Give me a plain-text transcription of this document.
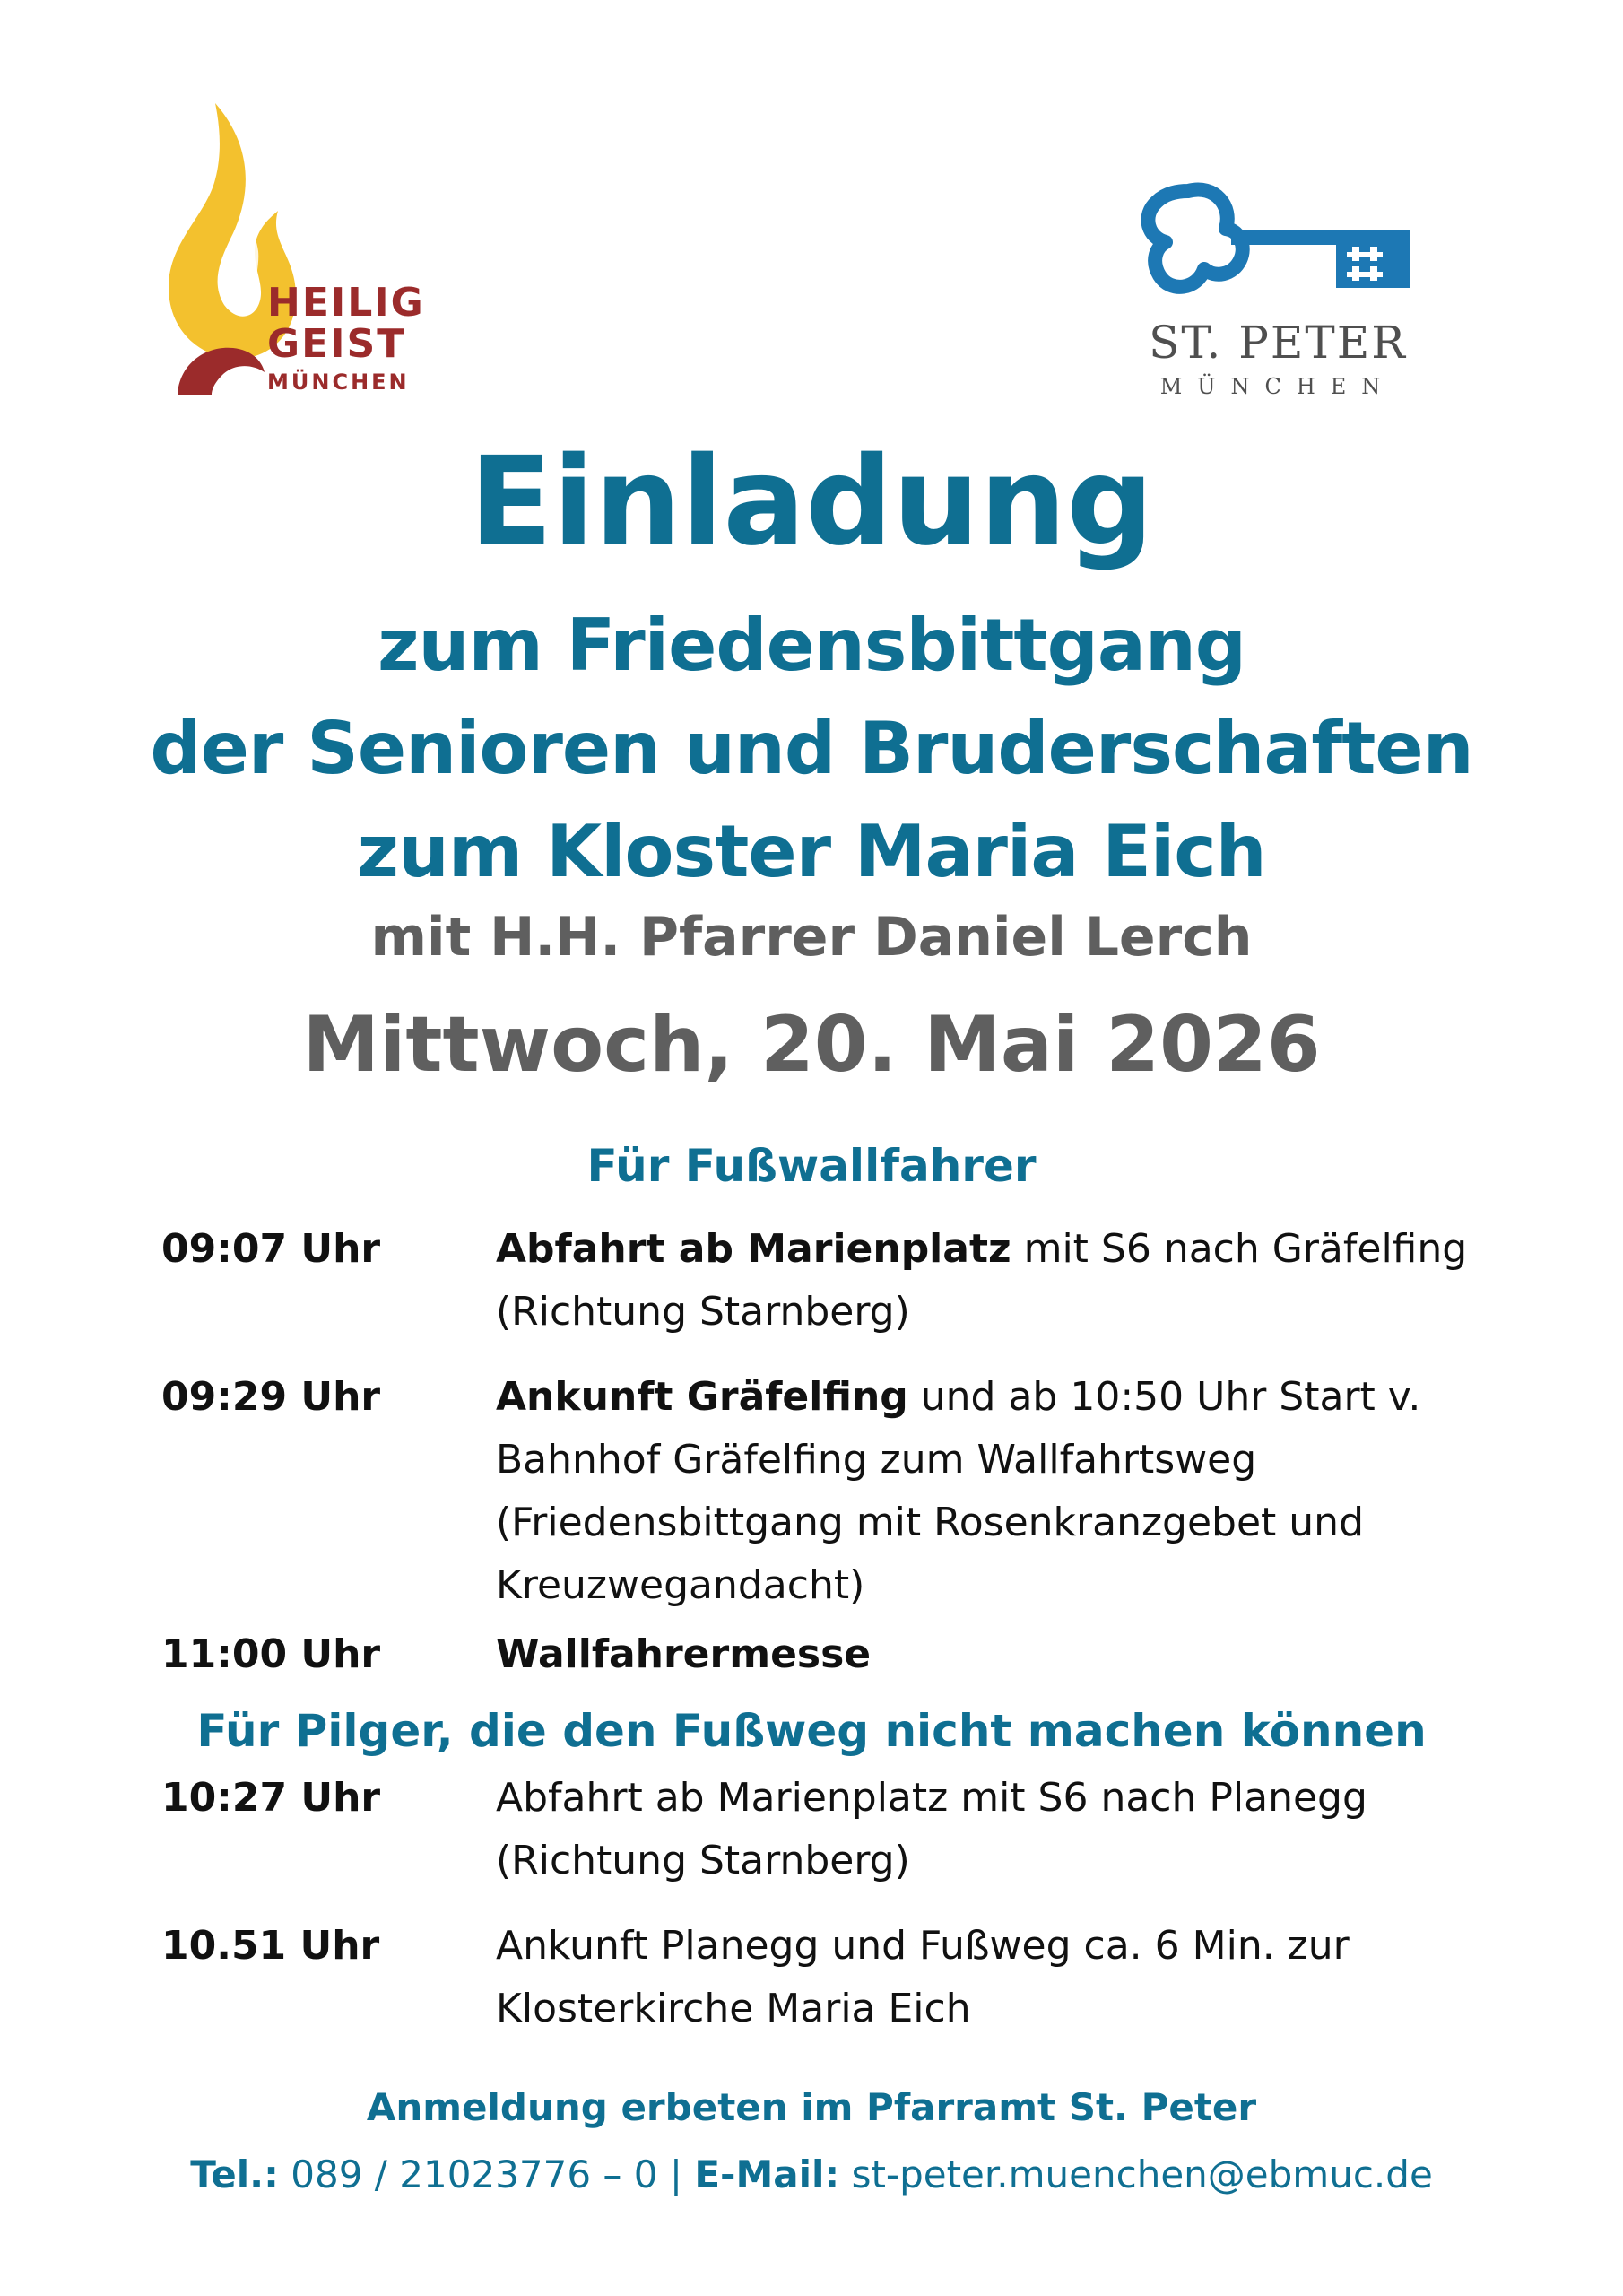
HEILIG
GEIST
MÜNCHEN
ST. PETER
MÜNCHEN
Einladung
zum Friedensbittgang
der Senioren und Bruderschaften
zum Kloster Maria Eich
mit H.H. Pfarrer Daniel Lerch
Mittwoch, 20. Mai 2026
Für Fußwallfahrer
09:07 Uhr	Abfahrt ab Marienplatz mit S6 nach Gräfelfing (Richtung Starnberg)
09:29 Uhr	Ankunft Gräfelfing und ab 10:50 Uhr Start v. Bahnhof Gräfelfing zum Wallfahrtsweg (Friedensbittgang mit Rosenkranzgebet und Kreuzwegandacht)
11:00 Uhr	Wallfahrermesse
Für Pilger, die den Fußweg nicht machen können
10:27 Uhr	Abfahrt ab Marienplatz mit S6 nach Planegg (Richtung Starnberg)
10.51 Uhr	Ankunft Planegg und Fußweg ca. 6 Min. zur Klosterkirche Maria Eich
Anmeldung erbeten im Pfarramt St. Peter
Tel.: 089 / 21023776 – 0 | E-Mail: st-peter.muenchen@ebmuc.de
